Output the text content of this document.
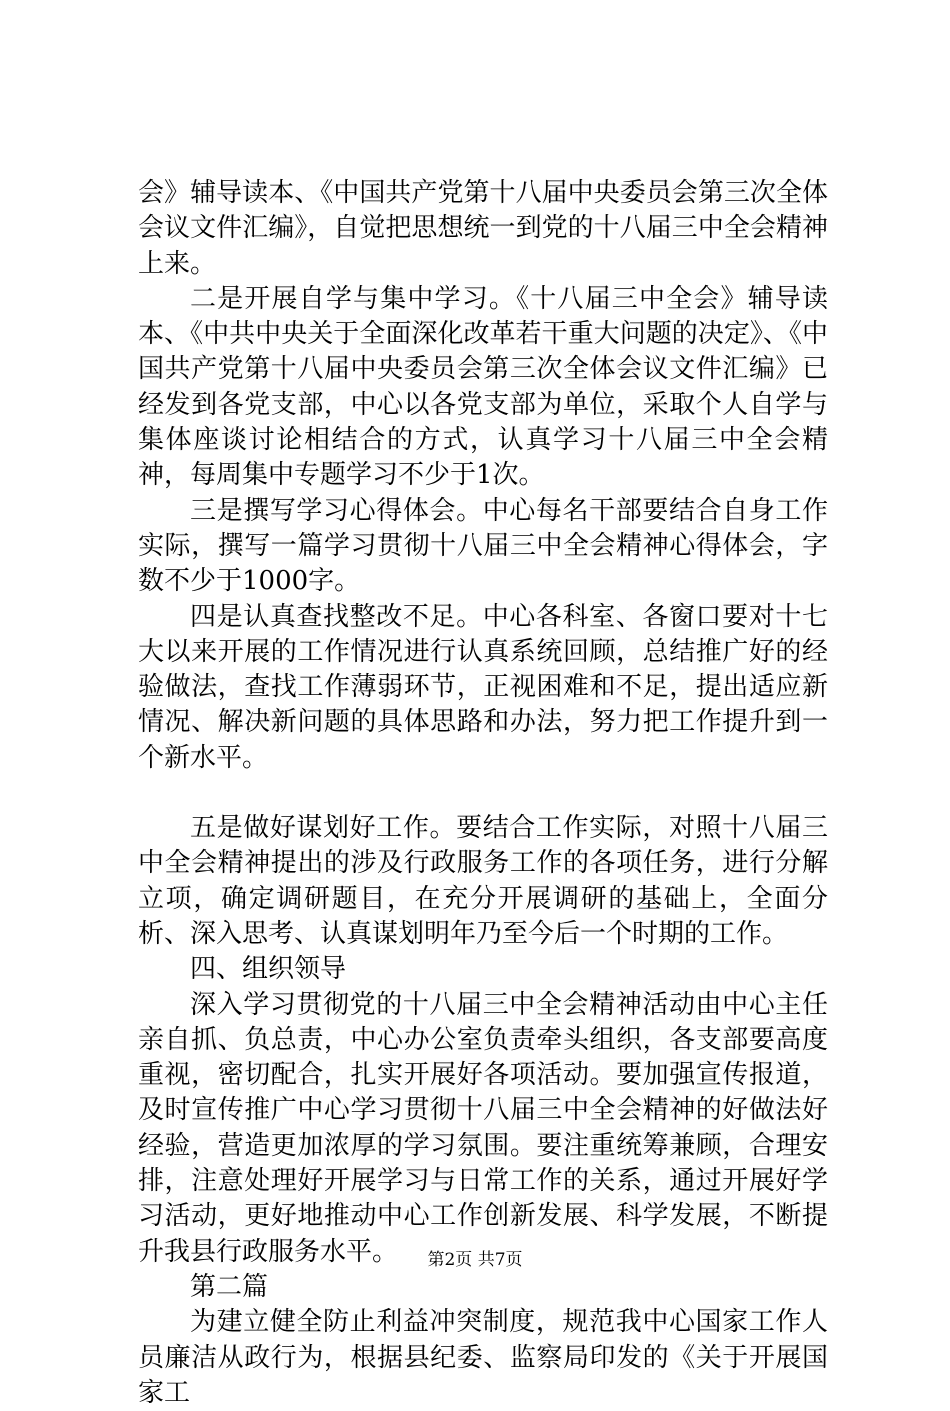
会》辅导读本、《中国共产党第十八届中央委员会第三次全体会议文件汇编》，自觉把思想统一到党的十八届三中全会精神上来。

二是开展自学与集中学习。《十八届三中全会》辅导读本、《中共中央关于全面深化改革若干重大问题的决定》、《中国共产党第十八届中央委员会第三次全体会议文件汇编》已经发到各党支部，中心以各党支部为单位，采取个人自学与集体座谈讨论相结合的方式，认真学习十八届三中全会精神，每周集中专题学习不少于1次。

三是撰写学习心得体会。中心每名干部要结合自身工作实际，撰写一篇学习贯彻十八届三中全会精神心得体会，字数不少于1000字。

四是认真查找整改不足。中心各科室、各窗口要对十七大以来开展的工作情况进行认真系统回顾，总结推广好的经验做法，查找工作薄弱环节，正视困难和不足，提出适应新情况、解决新问题的具体思路和办法，努力把工作提升到一个新水平。

五是做好谋划好工作。要结合工作实际，对照十八届三中全会精神提出的涉及行政服务工作的各项任务，进行分解立项，确定调研题目，在充分开展调研的基础上，全面分析、深入思考、认真谋划明年乃至今后一个时期的工作。

四、组织领导

深入学习贯彻党的十八届三中全会精神活动由中心主任亲自抓、负总责，中心办公室负责牵头组织，各支部要高度重视，密切配合，扎实开展好各项活动。要加强宣传报道，及时宣传推广中心学习贯彻十八届三中全会精神的好做法好经验，营造更加浓厚的学习氛围。要注重统筹兼顾，合理安排，注意处理好开展学习与日常工作的关系，通过开展好学习活动，更好地推动中心工作创新发展、科学发展，不断提升我县行政服务水平。

第二篇

为建立健全防止利益冲突制度，规范我中心国家工作人员廉洁从政行为，根据县纪委、监察局印发的《关于开展国家工

第2页 共7页
